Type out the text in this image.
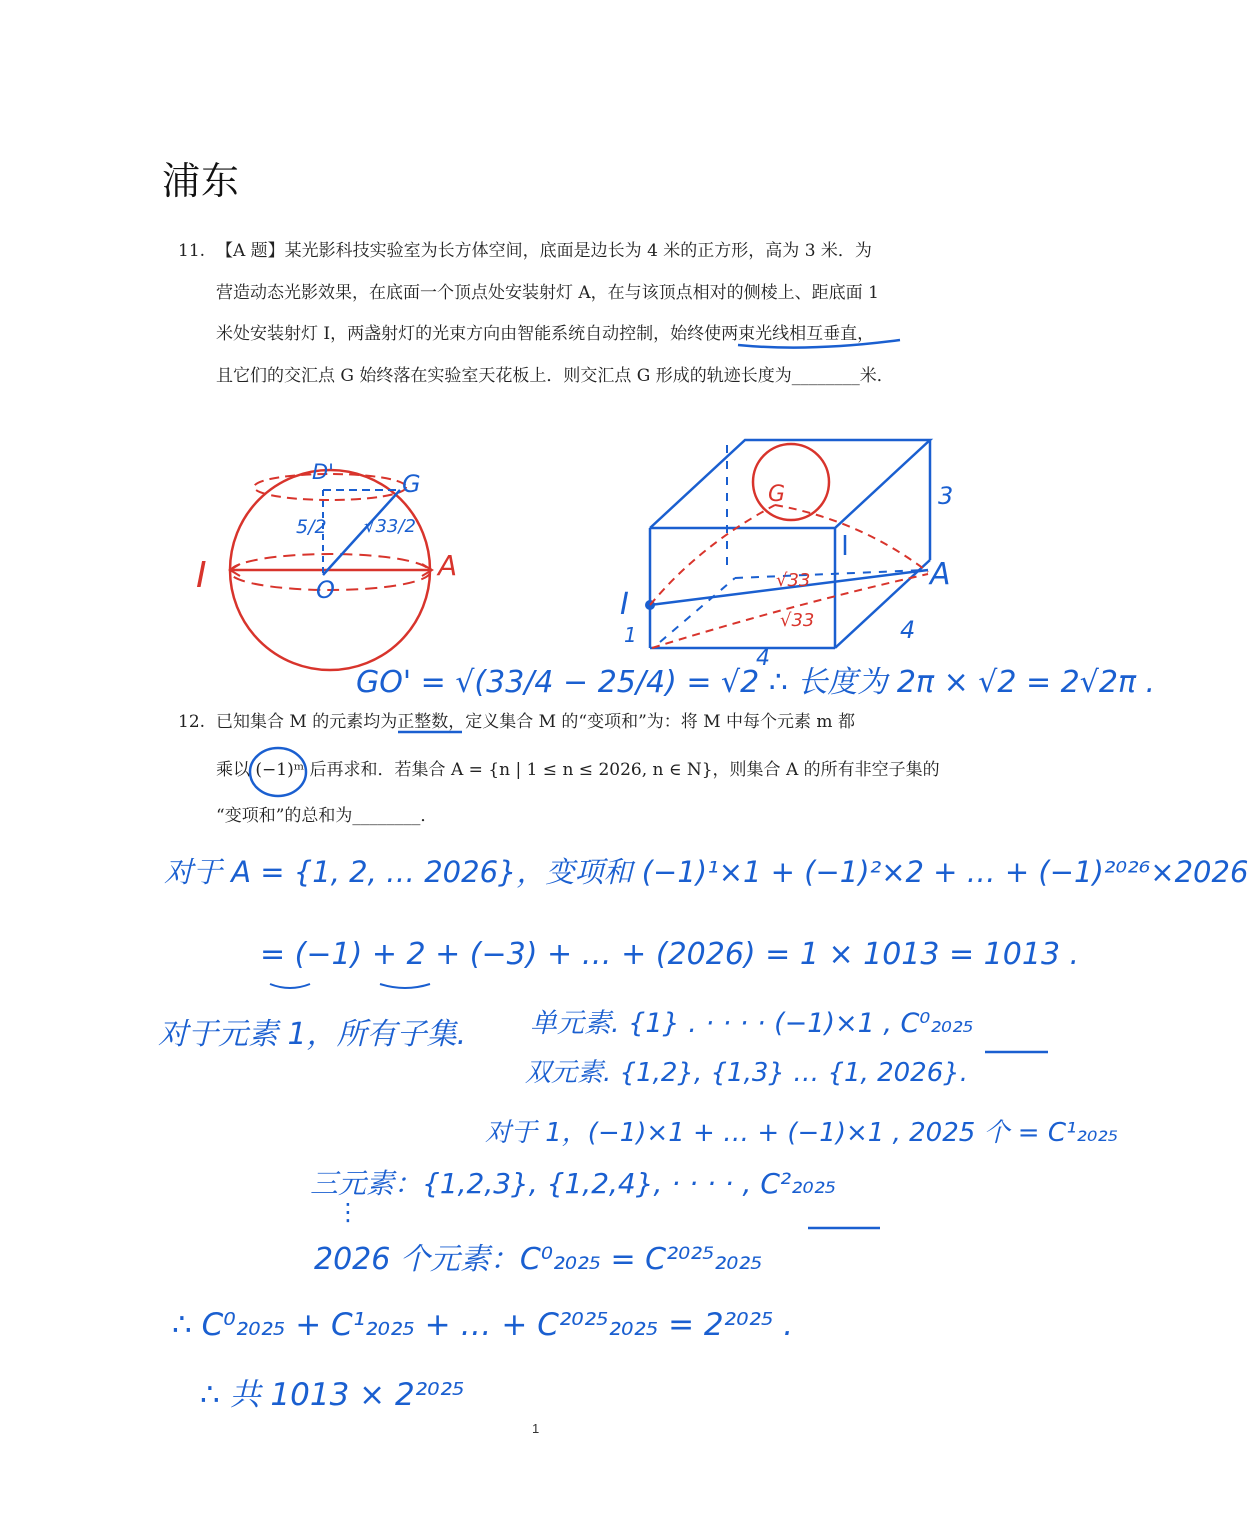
浦东
11. 【A 题】某光影科技实验室为长方体空间，底面是边长为 4 米的正方形，高为 3 米．为
营造动态光影效果，在底面一个顶点处安装射灯 A，在与该顶点相对的侧棱上、距底面 1
米处安装射灯 I，两盏射灯的光束方向由智能系统自动控制，始终使两束光线相互垂直，
且它们的交汇点 G 始终落在实验室天花板上．则交汇点 G 形成的轨迹长度为________米．
D'	G
5/2 √33/2
I	O
A
3
G
I
1
A
√33
√33
4
4
GO' = √(33/4 − 25/4) = √2 ∴ 长度为 2π × √2 = 2√2π .
12. 已知集合 M 的元素均为正整数，定义集合 M 的“变项和”为：将 M 中每个元素 m 都
乘以 (−1)ᵐ 后再求和．若集合 A = {n | 1 ≤ n ≤ 2026, n ∈ N}，则集合 A 的所有非空子集的
“变项和”的总和为________．
对于 A = {1, 2, … 2026}，变项和 (−1)¹×1 + (−1)²×2 + … + (−1)²⁰²⁶×2026
= (−1) + 2 + (−3) + … + (2026) = 1 × 1013 = 1013 .
对于元素 1，所有子集. 单元素. {1} . · · · · (−1)×1 , C⁰₂₀₂₅
双元素. {1,2}, {1,3} … {1, 2026}.
对于 1，(−1)×1 + … + (−1)×1 , 2025 个 = C¹₂₀₂₅
三元素：{1,2,3}, {1,2,4}, · · · · , C²₂₀₂₅
⋮
2026 个元素：C⁰₂₀₂₅ = C²⁰²⁵₂₀₂₅
∴ C⁰₂₀₂₅ + C¹₂₀₂₅ + … + C²⁰²⁵₂₀₂₅ = 2²⁰²⁵ .
∴ 共 1013 × 2²⁰²⁵
1
